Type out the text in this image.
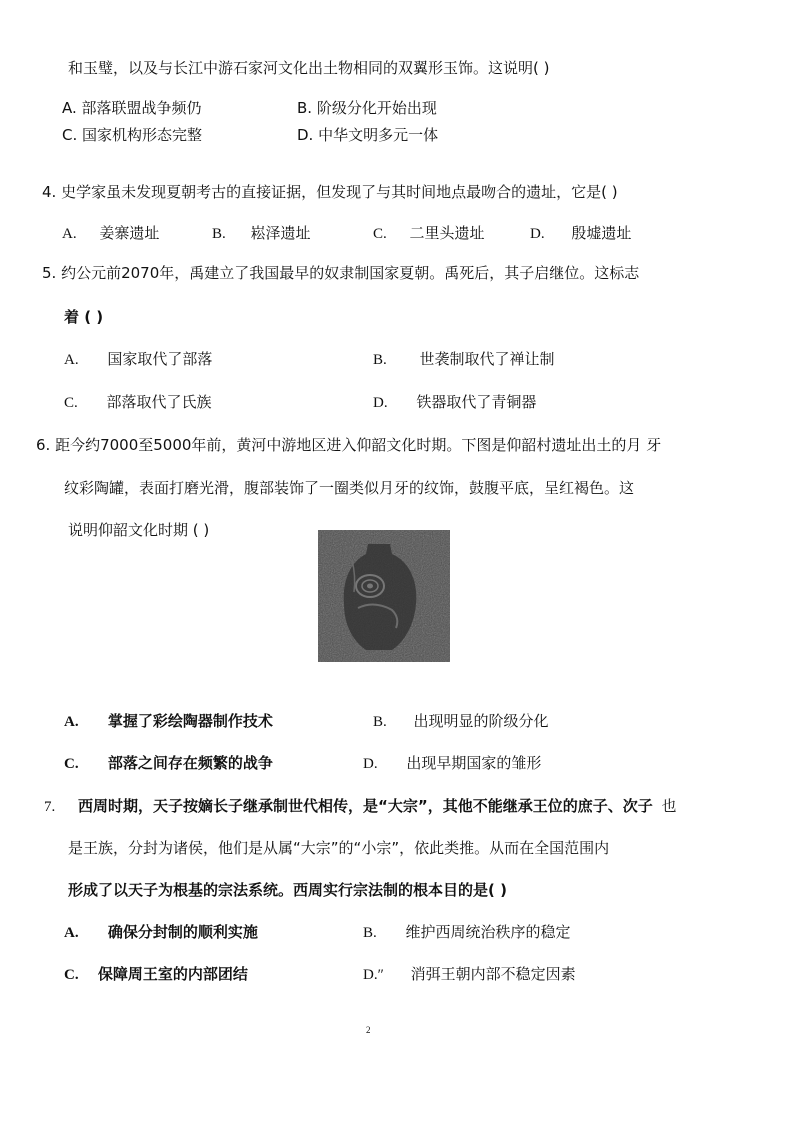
和玉璧，以及与长江中游石家河文化出土物相同的双翼形玉饰。这说明( )
A. 部落联盟战争频仍	B. 阶级分化开始出现
C. 国家机构形态完整	D. 中华文明多元一体
4. 史学家虽未发现夏朝考古的直接证据，但发现了与其时间地点最吻合的遗址，它是( )
A. 姜寨遗址	B. 崧泽遗址	C. 二里头遗址	D. 殷墟遗址
5. 约公元前2070年，禹建立了我国最早的奴隶制国家夏朝。禹死后，其子启继位。这标志
着 ( )
A. 国家取代了部落	B. 世袭制取代了禅让制
C. 部落取代了氏族	D. 铁器取代了青铜器
6. 距今约7000至5000年前，黄河中游地区进入仰韶文化时期。下图是仰韶村遗址出土的月 牙
纹彩陶罐，表面打磨光滑，腹部装饰了一圈类似月牙的纹饰，鼓腹平底，呈红褐色。这
说明仰韶文化时期 ( )
A. 掌握了彩绘陶器制作技术	B. 出现明显的阶级分化
C. 部落之间存在频繁的战争	D. 出现早期国家的雏形
7. 西周时期，天子按嫡长子继承制世代相传，是“大宗”，其他不能继承王位的庶子、次子 也
是王族，分封为诸侯，他们是从属“大宗”的“小宗”，依此类推。从而在全国范围内
形成了以天子为根基的宗法系统。西周实行宗法制的根本目的是( )
A. 确保分封制的顺利实施	B. 维护西周统治秩序的稳定
C. 保障周王室的内部团结	D.″ 消弭王朝内部不稳定因素
2
